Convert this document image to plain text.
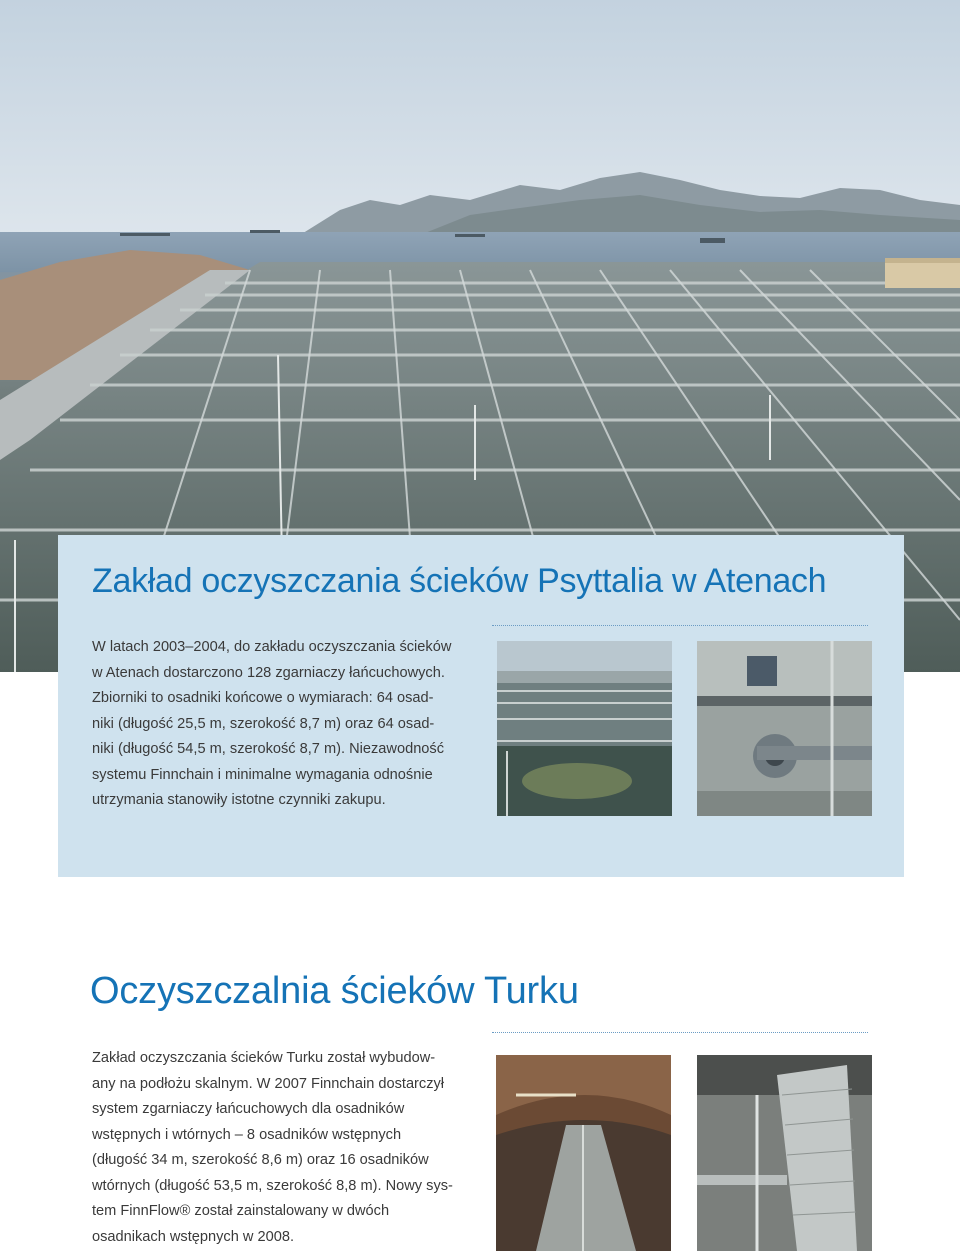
Zakład oczyszczania ścieków Psyttalia w Atenach
W latach 2003–2004, do zakładu oczyszczania ścieków
w Atenach dostarczono 128 zgarniaczy łańcuchowych.
Zbiorniki to osadniki końcowe o wymiarach: 64 osad-
niki (długość 25,5 m, szerokość 8,7 m) oraz 64 osad-
niki (długość 54,5 m, szerokość 8,7 m). Niezawodność
systemu Finnchain i minimalne wymagania odnośnie
utrzymania stanowiły istotne czynniki zakupu.
Oczyszczalnia ścieków Turku
Zakład oczyszczania ścieków Turku został wybudow-
any na podłożu skalnym. W 2007 Finnchain dostarczył
system zgarniaczy łańcuchowych dla osadników
wstępnych i wtórnych – 8 osadników wstępnych
(długość 34 m, szerokość 8,6 m) oraz 16 osadników
wtórnych (długość 53,5 m, szerokość 8,8 m). Nowy sys-
tem FinnFlow® został zainstalowany w dwóch
osadnikach wstępnych w 2008.
